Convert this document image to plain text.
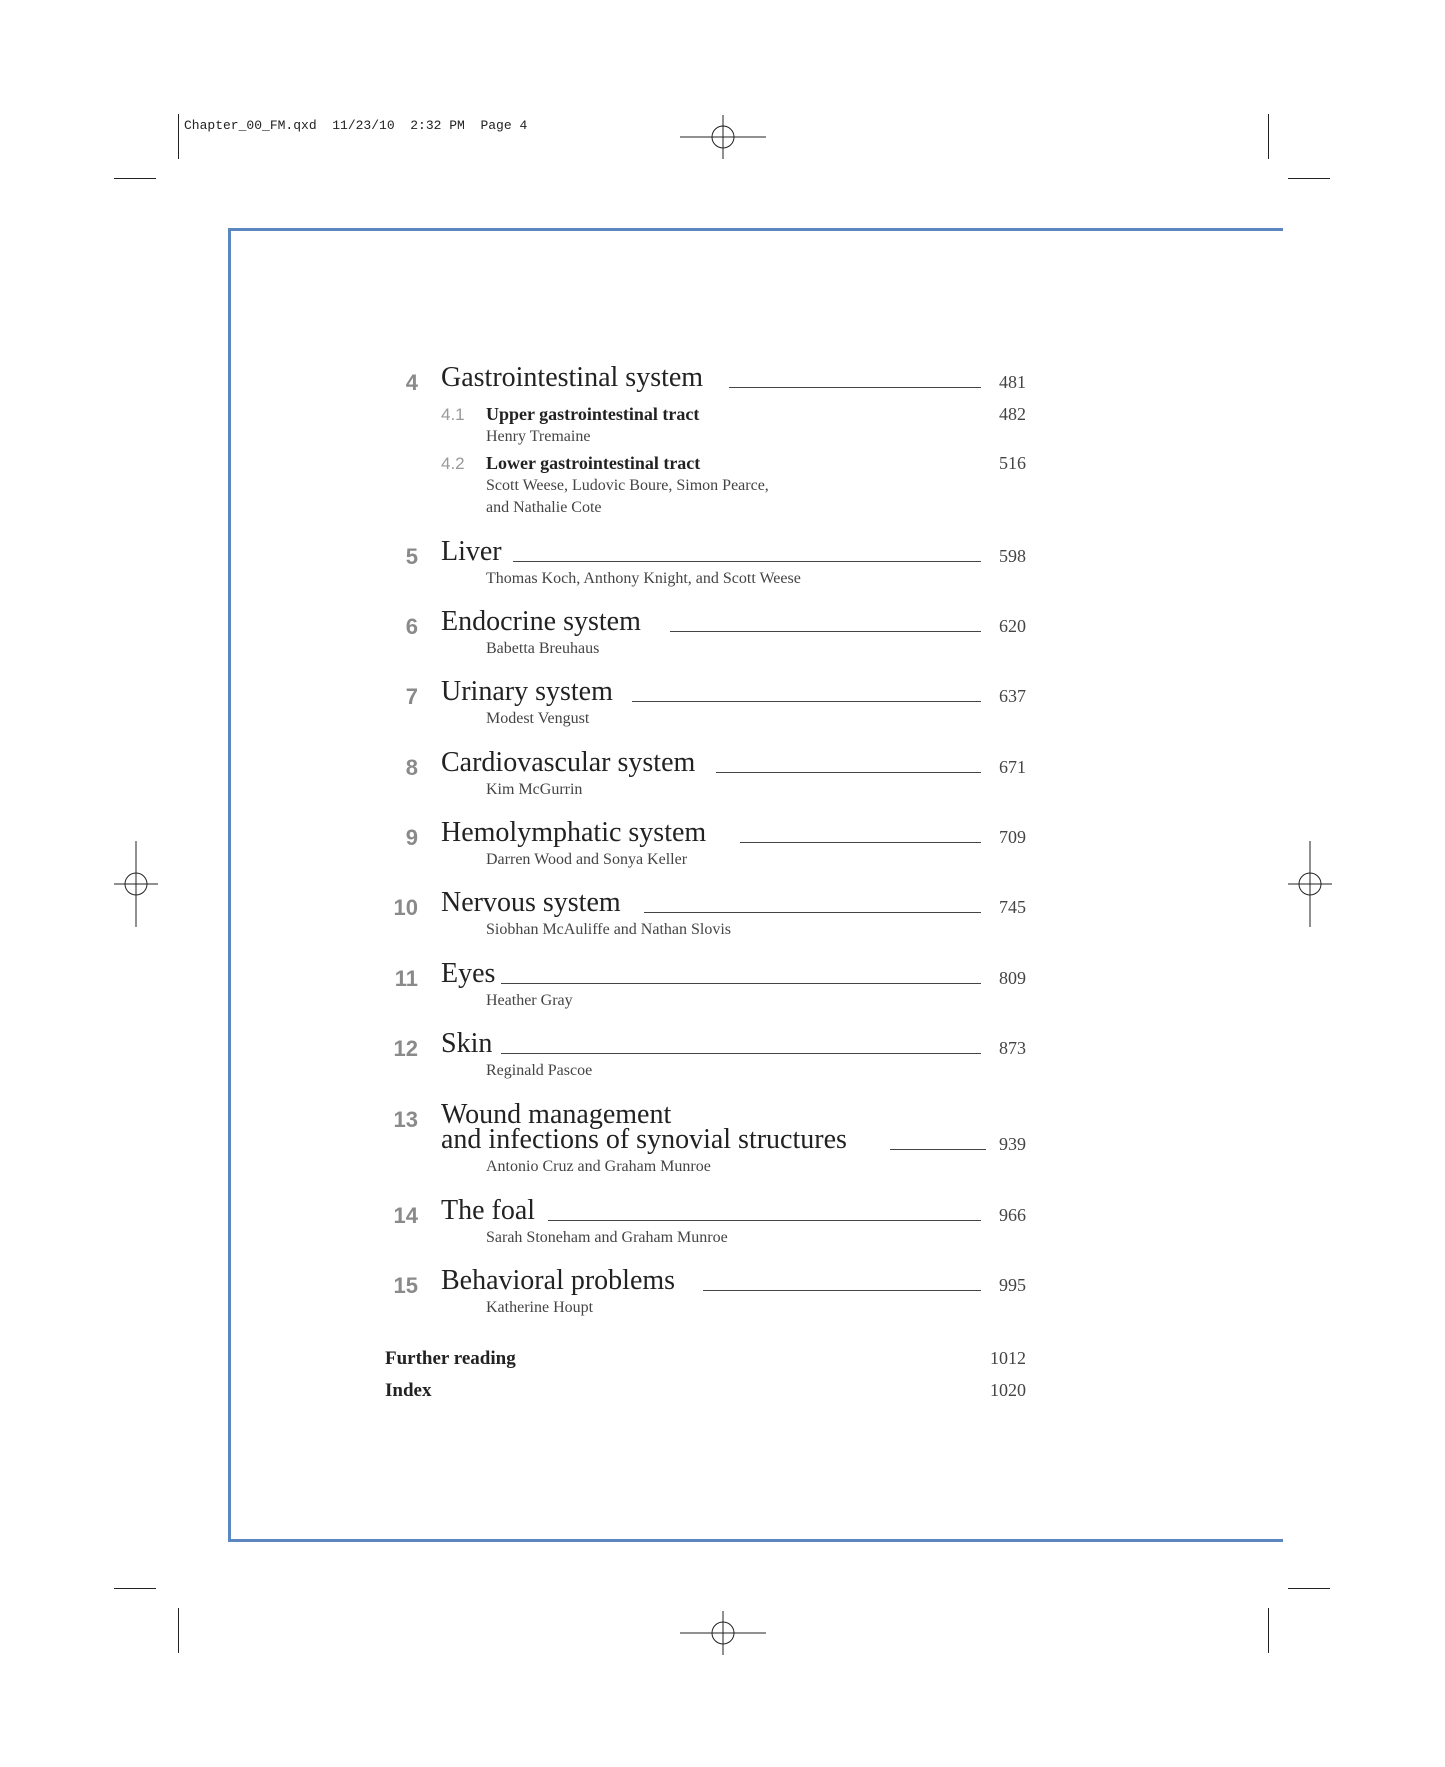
Chapter_00_FM.qxd  11/23/10  2:32 PM  Page 4
4 Gastrointestinal system	481
4.1 Upper gastrointestinal tract	482
Henry Tremaine
4.2 Lower gastrointestinal tract	516
Scott Weese, Ludovic Boure, Simon Pearce,
and Nathalie Cote
5 Liver	598
Thomas Koch, Anthony Knight, and Scott Weese
6 Endocrine system	620
Babetta Breuhaus
7 Urinary system	637
Modest Vengust
8 Cardiovascular system	671
Kim McGurrin
9 Hemolymphatic system	709
Darren Wood and Sonya Keller
10 Nervous system	745
Siobhan McAuliffe and Nathan Slovis
11 Eyes	809
Heather Gray
12 Skin	873
Reginald Pascoe
13 Wound management
and infections of synovial structures	939
Antonio Cruz and Graham Munroe
14 The foal	966
Sarah Stoneham and Graham Munroe
15 Behavioral problems	995
Katherine Houpt
Further reading	1012
Index	1020
